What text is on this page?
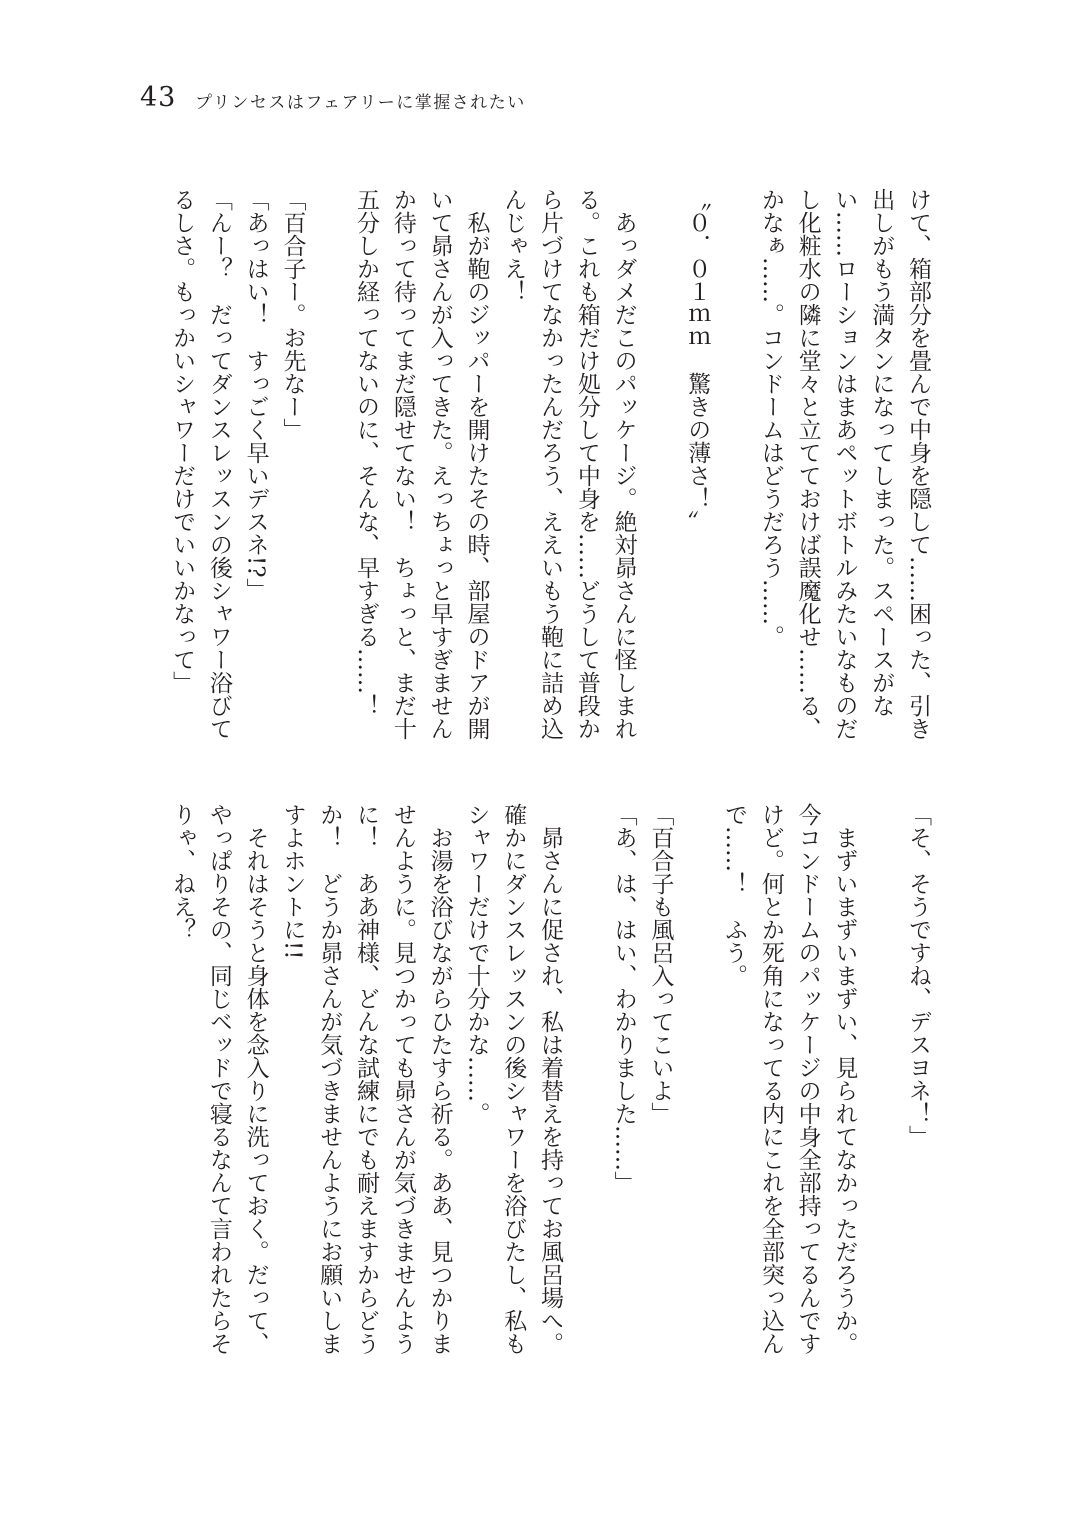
43 プリンセスはフェアリーに掌握されたい
けて、箱部分を畳んで中身を隠して……困った、引き
出しがもう満タンになってしまった。スペースがな
い……ローションはまあペットボトルみたいなものだ
し化粧水の隣に堂々と立てておけば誤魔化せ……る、
かなぁ……。コンドームはどうだろう……。
〝０．０１ｍｍ　驚きの薄さ！〟
　あっダメだこのパッケージ。絶対昴さんに怪しまれ
る。これも箱だけ処分して中身を……どうして普段か
ら片づけてなかったんだろう、ええいもう鞄に詰め込
んじゃえ！
　私が鞄のジッパーを開けたその時、部屋のドアが開
いて昴さんが入ってきた。えっちょっと早すぎません
か待って待ってまだ隠せてない！　ちょっと、まだ十
五分しか経ってないのに、そんな、早すぎる……！
「百合子ー。お先なー」
「あっはい！　すっごく早いデスネ!?」
「んー？　だってダンスレッスンの後シャワー浴びて
るしさ。もっかいシャワーだけでいいかなって」
「そ、そうですね、デスヨネ！」
　まずいまずいまずい、見られてなかっただろうか。
今コンドームのパッケージの中身全部持ってるんです
けど。何とか死角になってる内にこれを全部突っ込ん
で……！　ふう。
「百合子も風呂入ってこいよ」
「あ、は、はい、わかりました……」
　昴さんに促され、私は着替えを持ってお風呂場へ。
確かにダンスレッスンの後シャワーを浴びたし、私も
シャワーだけで十分かな……。
　お湯を浴びながらひたすら祈る。ああ、見つかりま
せんように。見つかっても昴さんが気づきませんよう
に！　ああ神様、どんな試練にでも耐えますからどう
か！　どうか昴さんが気づきませんようにお願いしま
すよホントに!!
　それはそうと身体を念入りに洗っておく。だって、
やっぱりその、同じベッドで寝るなんて言われたらそ
りゃ、ねえ？
